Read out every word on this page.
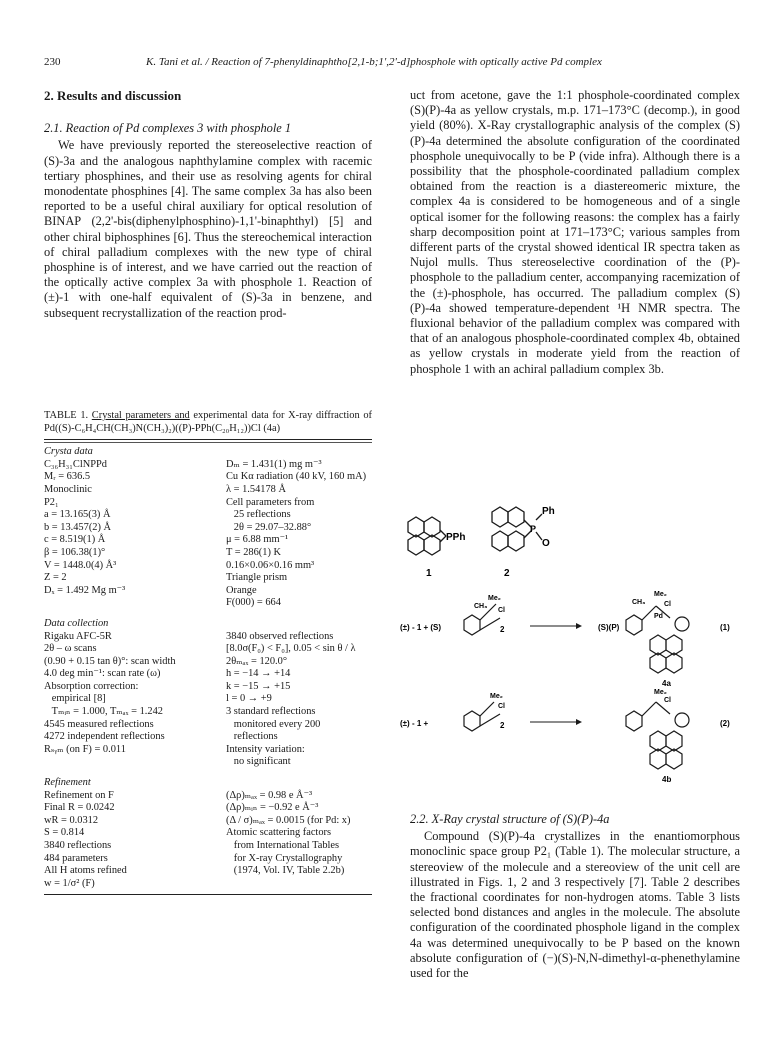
230	K. Tani et al. / Reaction of 7-phenyldinaphtho[2,1-b;1',2'-d]phosphole with optically active Pd complex
2. Results and discussion
2.1. Reaction of Pd complexes 3 with phosphole 1

We have previously reported the stereoselective reaction of (S)-3a and the analogous naphthylamine complex with racemic tertiary phosphines, and their use as resolving agents for chiral monodentate phosphines [4]. The same complex 3a has also been reported to be a useful chiral auxiliary for optical resolution of BINAP (2,2'-bis(diphenylphosphino)-1,1'-binaphthyl) [5] and other chiral biphosphines [6]. Thus the stereochemical interaction of chiral palladium complexes with the new type of chiral phosphine is of interest, and we have carried out the reaction of the optically active complex 3a with phosphole 1. Reaction of (±)-1 with one-half equivalent of (S)-3a in benzene, and subsequent recrystallization of the reaction prod-

TABLE 1. Crystal parameters and experimental data for X-ray diffraction of Pd((S)-C₆H₄CH(CH₃)N(CH₃)₂)((P)-PPh(C₂₀H₁₂))Cl (4a)
Crysta data
C₃₆H₃₁ClNPPd	Dₘ = 1.431(1) mg m⁻³
Mᵣ = 636.5	Cu Kα radiation (40 kV, 160 mA)
Monoclinic	λ = 1.54178 Å
P2₁	Cell parameters from
a = 13.165(3) Å	25 reflections
b = 13.457(2) Å	2θ = 29.07–32.88°
c = 8.519(1) Å	μ = 6.88 mm⁻¹
β = 106.38(1)°	T = 286(1) K
V = 1448.0(4) Å³	0.16×0.06×0.16 mm³
Z = 2	Triangle prism
Dₓ = 1.492 Mg m⁻³	Orange
F(000) = 664
Data collection
Rigaku AFC-5R	3840 observed reflections
2θ – ω scans	[8.0σ(F₀) < F₀], 0.05 < sin θ / λ
(0.90 + 0.15 tan θ)°: scan width	2θₘₐₓ = 120.0°
4.0 deg min⁻¹: scan rate (ω)	h = −14 → +14
Absorption correction:	k = −15 → +15
empirical [8]	l = 0 → +9
Tₘᵢₙ = 1.000, Tₘₐₓ = 1.242	3 standard reflections
4545 measured reflections	monitored every 200
4272 independent reflections	reflections
Rₛᵧₘ (on F) = 0.011	Intensity variation:
no significant
Refinement
Refinement on F	(Δρ)ₘₐₓ = 0.98 e Å⁻³
Final R = 0.0242	(Δρ)ₘᵢₙ = −0.92 e Å⁻³
wR = 0.0312	(Δ / σ)ₘₐₓ = 0.0015 (for Pd: x)
S = 0.814	Atomic scattering factors
3840 reflections	from International Tables
484 parameters	for X-ray Crystallography
All H atoms refined	(1974, Vol. IV, Table 2.2b)
w = 1/σ² (F)

uct from acetone, gave the 1:1 phosphole-coordinated complex (S)(P)-4a as yellow crystals, m.p. 171–173°C (decomp.), in good yield (80%). X-Ray crystallographic analysis of the complex (S)(P)-4a determined the absolute configuration of the coordinated phosphole unequivocally to be P (vide infra). Although there is a possibility that the phosphole-coordinated palladium complex obtained from the reaction is a diastereomeric mixture, the complex 4a is considered to be homogeneous and of a single optical isomer for the following reasons: the complex has a fairly sharp decomposition point at 171–173°C; various samples from different parts of the crystal showed identical IR spectra taken as Nujol mulls. Thus stereoselective coordination of the (P)-phosphole to the palladium center, accompanying racemization of the (±)-phosphole, has occurred. The palladium complex (S)(P)-4a showed temperature-dependent ¹H NMR spectra. The fluxional behavior of the palladium complex was compared with that of an analogous phosphole-coordinated complex 4b, obtained as yellow crystals in moderate yield from the reaction of phosphole 1 with an achiral palladium complex 3b.

PPh
1
P
Ph
O
2
(±) - 1 + (S)
Me₂
CH₃
Cl
2	(S)(P)
Me₂
CH₃	Cl
Pd
(1)
4a
(±) - 1 +
Me₂
Cl
2
Me₂
Cl
(2)
4b
2.2. X-Ray crystal structure of (S)(P)-4a

Compound (S)(P)-4a crystallizes in the enantiomorphous monoclinic space group P2₁ (Table 1). The molecular structure, a stereoview of the molecule and a stereoview of the unit cell are illustrated in Figs. 1, 2 and 3 respectively [7]. Table 2 describes the fractional coordinates for non-hydrogen atoms. Table 3 lists selected bond distances and angles in the molecule. The absolute configuration of the coordinated phosphole ligand in the complex 4a was determined unequivocally to be P based on the known absolute configuration of (−)(S)-N,N-dimethyl-α-phenethylamine used for the
